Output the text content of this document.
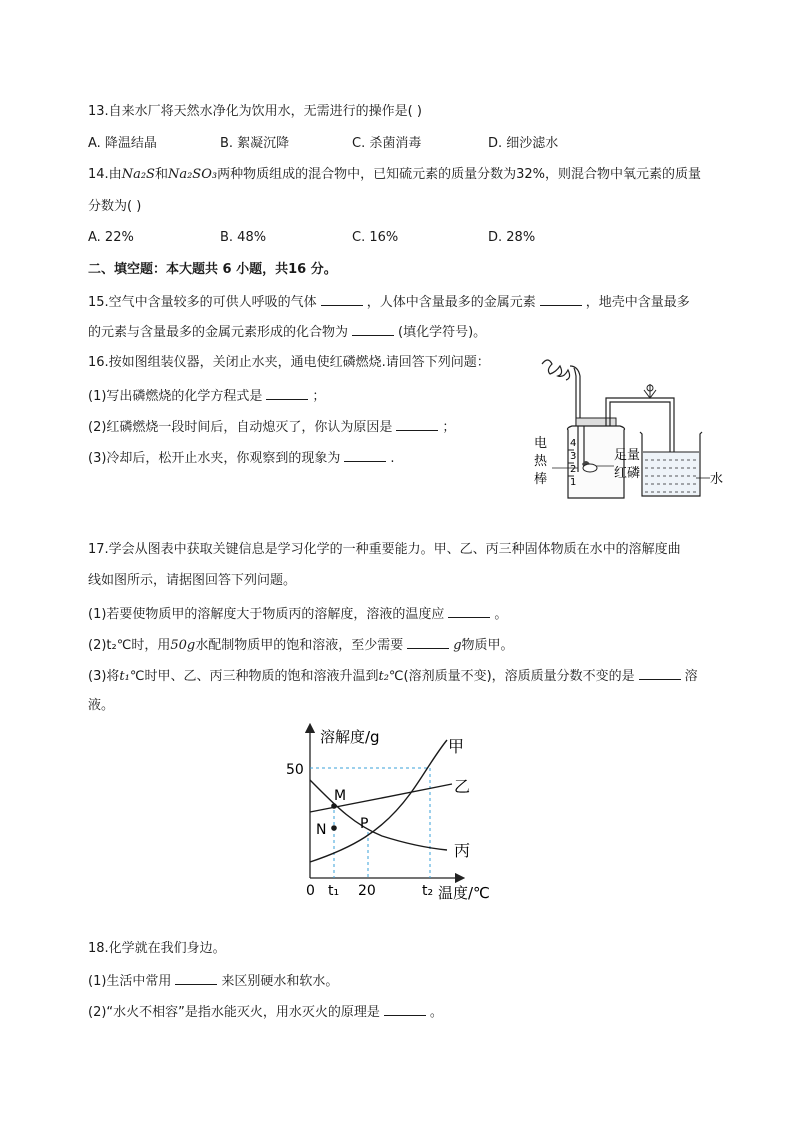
13.自来水厂将天然水净化为饮用水，无需进行的操作是( )
A. 降温结晶	B. 絮凝沉降	C. 杀菌消毒	D. 细沙滤水
14.由Na₂S和Na₂SO₃两种物质组成的混合物中，已知硫元素的质量分数为32%，则混合物中氧元素的质量
分数为( )
A. 22%	B. 48%	C. 16%	D. 28%
二、填空题：本大题共 6 小题，共16 分。
15.空气中含量较多的可供人呼吸的气体	，人体中含量最多的金属元素	，地壳中含量最多
的元素与含量最多的金属元素形成的化合物为	(填化学符号)。
16.按如图组装仪器，关闭止水夹，通电使红磷燃烧.请回答下列问题：
(1)写出磷燃烧的化学方程式是	；
(2)红磷燃烧一段时间后，自动熄灭了，你认为原因是	；
(3)冷却后，松开止水夹，你观察到的现象为	.
4
3
2
1
电
热
棒
足量
红磷	水
17.学会从图表中获取关键信息是学习化学的一种重要能力。甲、乙、丙三种固体物质在水中的溶解度曲
线如图所示，请据图回答下列问题。
(1)若要使物质甲的溶解度大于物质丙的溶解度，溶液的温度应	。
(2)t₂℃时，用50g水配制物质甲的饱和溶液，至少需要	g物质甲。
(3)将t₁℃时甲、乙、丙三种物质的饱和溶液升温到t₂℃(溶剂质量不变)，溶质质量分数不变的是	溶
液。
M
N P
甲
乙
丙
溶解度/g
温度/℃
50
0 t₁ 20	t₂
18.化学就在我们身边。
(1)生活中常用	来区别硬水和软水。
(2)“水火不相容”是指水能灭火，用水灭火的原理是	。
